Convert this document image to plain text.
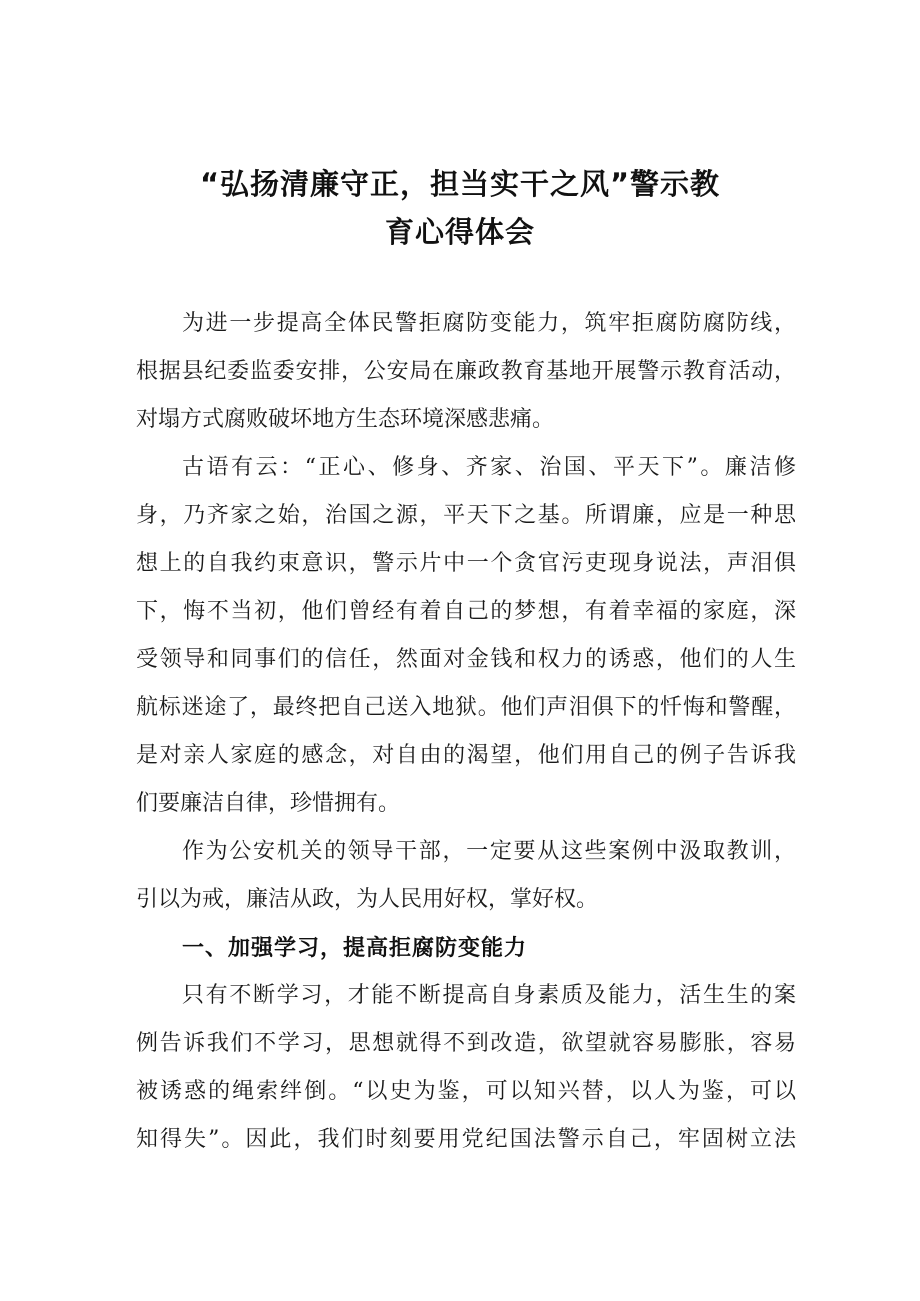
“弘扬清廉守正，担当实干之风”警示教
育心得体会
为进一步提高全体民警拒腐防变能力，筑牢拒腐防腐防线，
根据县纪委监委安排，公安局在廉政教育基地开展警示教育活动，
对塌方式腐败破坏地方生态环境深感悲痛。
古语有云：“正心、修身、齐家、治国、平天下”。廉洁修
身，乃齐家之始，治国之源，平天下之基。所谓廉，应是一种思
想上的自我约束意识，警示片中一个贪官污吏现身说法，声泪俱
下，悔不当初，他们曾经有着自己的梦想，有着幸福的家庭，深
受领导和同事们的信任，然面对金钱和权力的诱惑，他们的人生
航标迷途了，最终把自己送入地狱。他们声泪俱下的忏悔和警醒，
是对亲人家庭的感念，对自由的渴望，他们用自己的例子告诉我
们要廉洁自律，珍惜拥有。
作为公安机关的领导干部，一定要从这些案例中汲取教训，
引以为戒，廉洁从政，为人民用好权，掌好权。
一、加强学习，提高拒腐防变能力
只有不断学习，才能不断提高自身素质及能力，活生生的案
例告诉我们不学习，思想就得不到改造，欲望就容易膨胀，容易
被诱惑的绳索绊倒。“以史为鉴，可以知兴替，以人为鉴，可以
知得失”。因此，我们时刻要用党纪国法警示自己，牢固树立法
